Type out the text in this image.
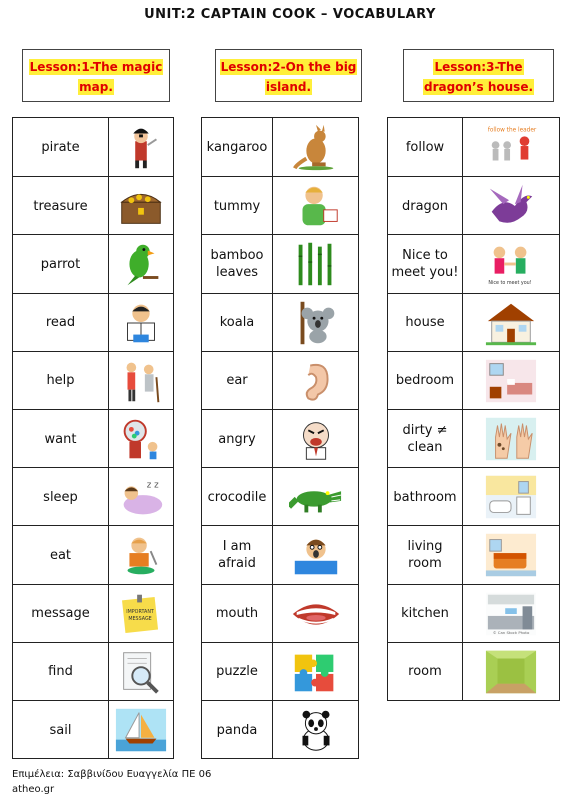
UNIT:2 CAPTAIN COOK – VOCABULARY
Lesson:1-The magic map.
pirate
treasure
parrot
read
help
want
sleep
z z
eat
message	IMPORTANT
MESSAGE
find
sail
Lesson:2-On the big island.
kangaroo
tummy
bamboo
leaves
koala
ear
angry
crocodile
I am
afraid
mouth
puzzle
panda
Lesson:3-The dragon’s house.
follow
follow the leader
dragon
Nice to
meet you!
Nice to meet you!
house
bedroom
dirty ≠
clean
bathroom
living
room
kitchen
© Can Stock Photo
room
Επιμέλεια: Σαββινίδου Ευαγγελία ΠΕ 06
atheo.gr
